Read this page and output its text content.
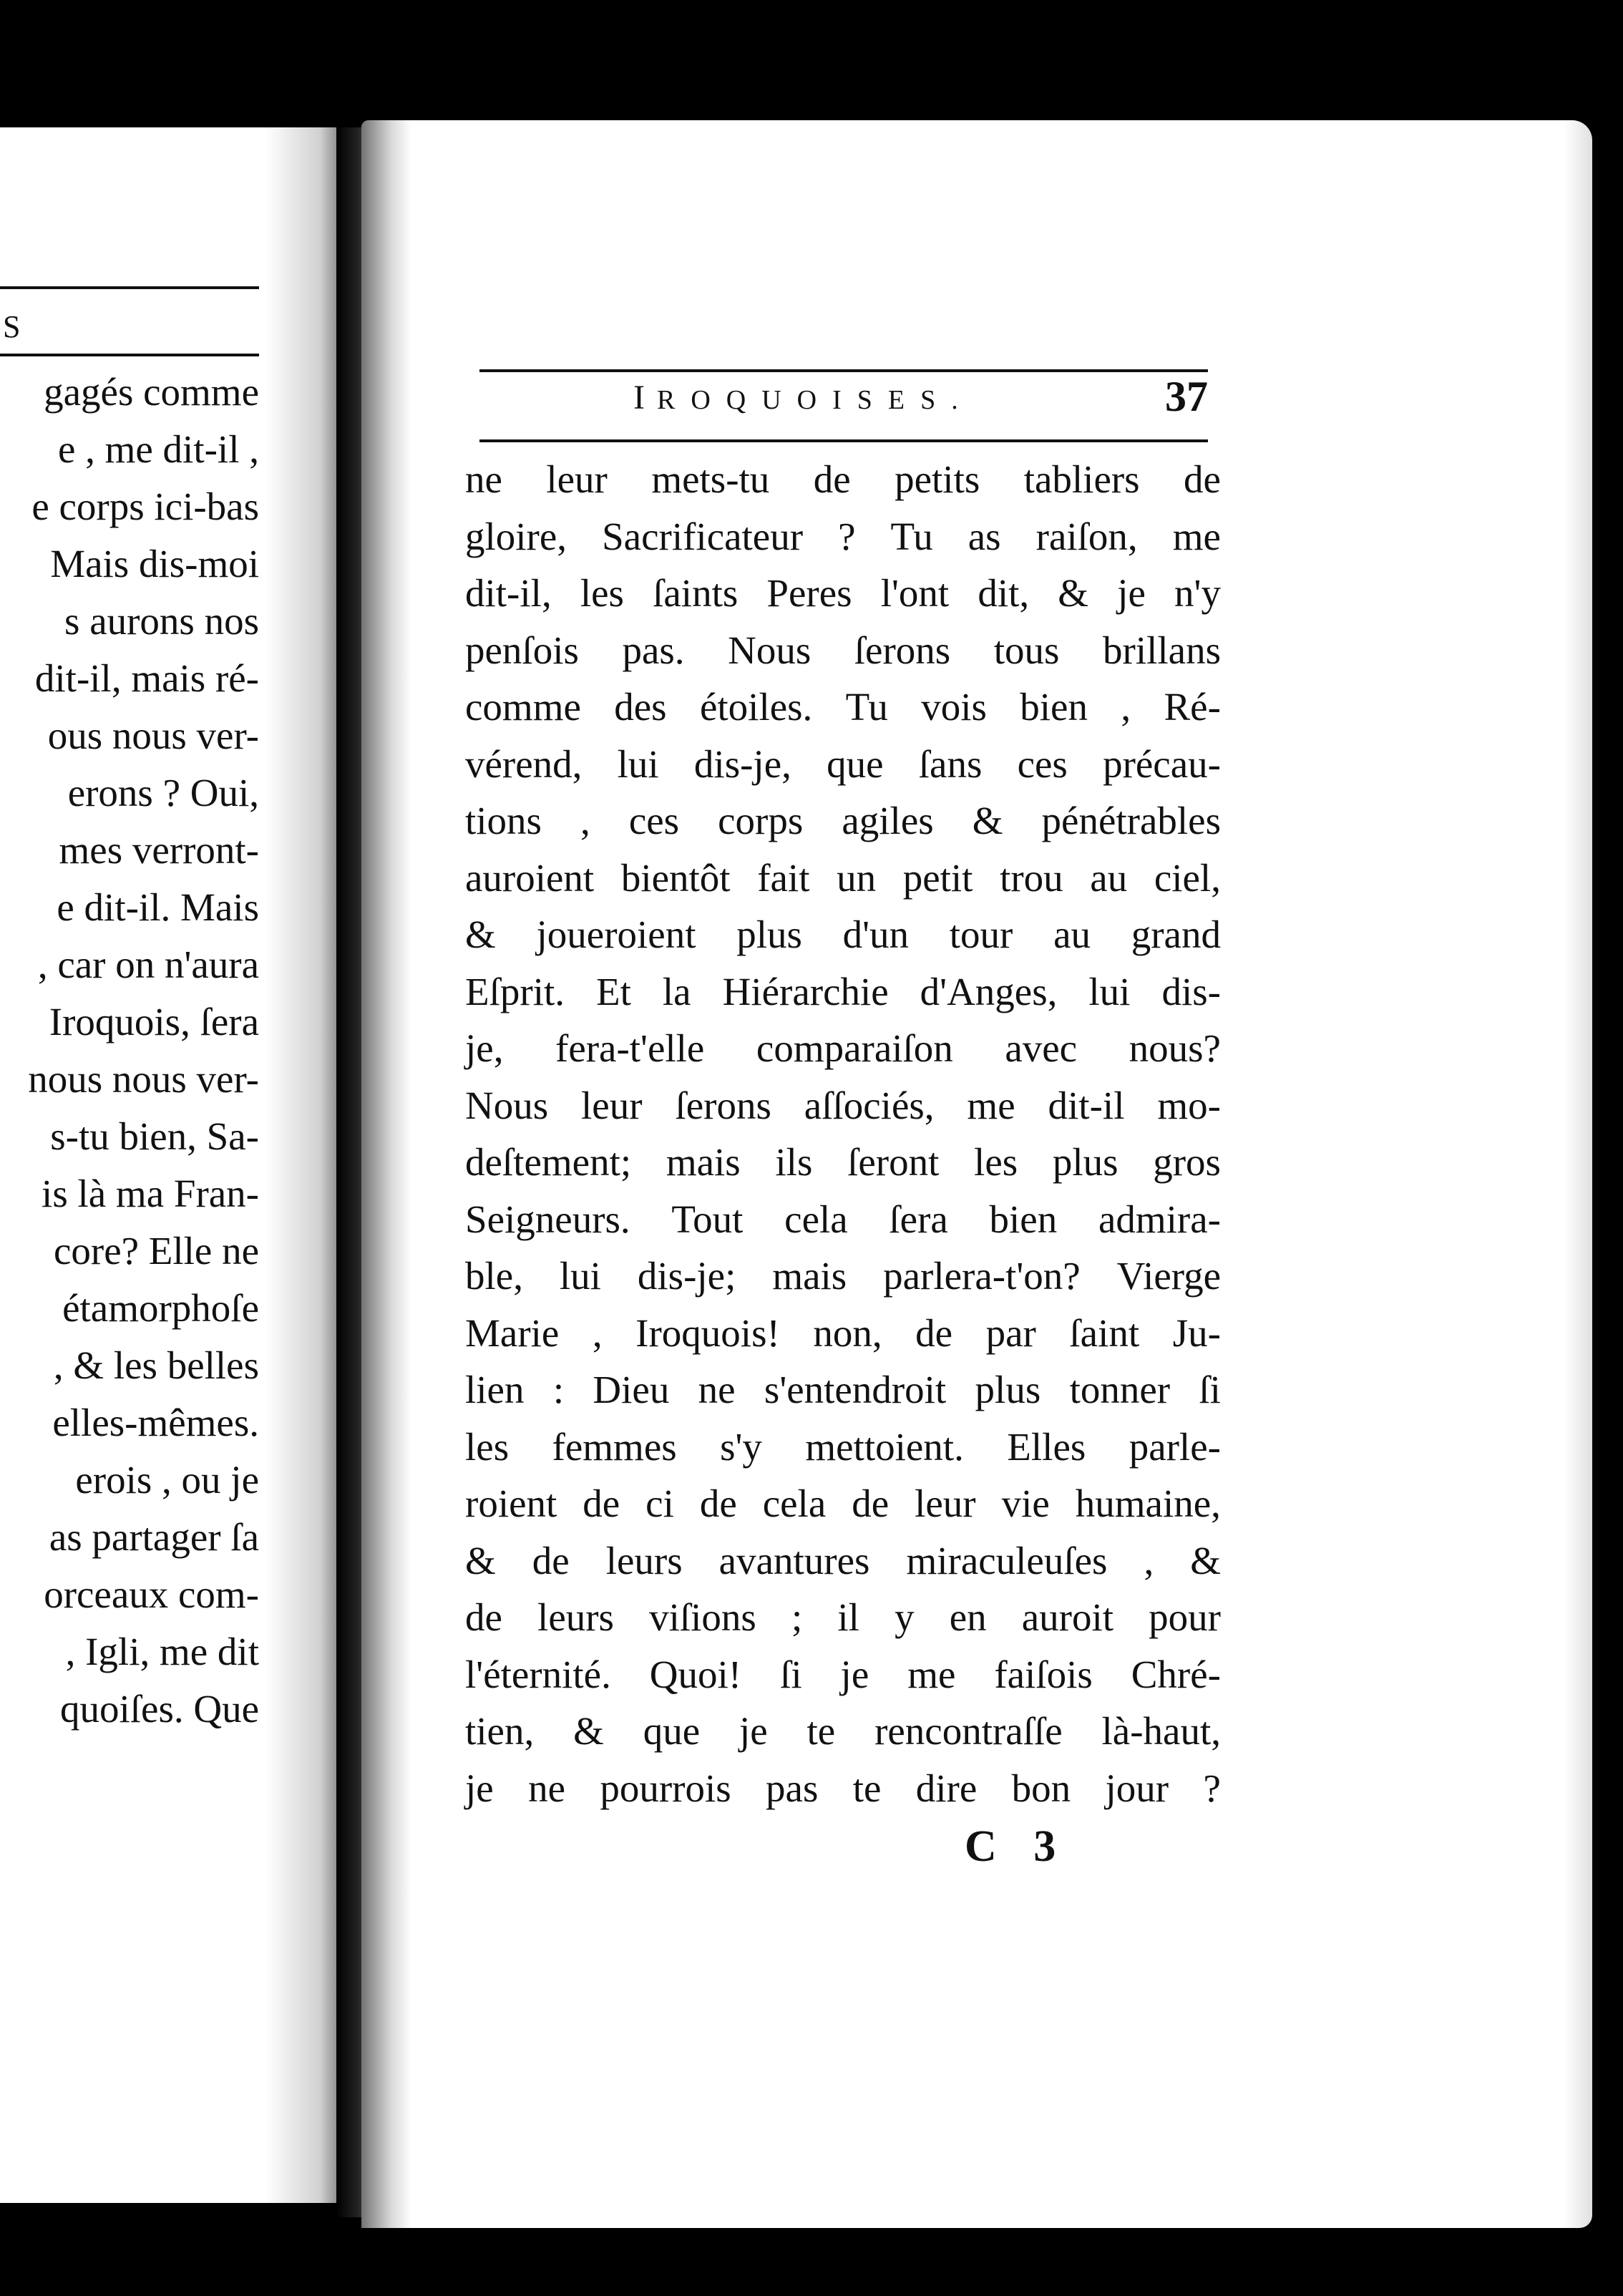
S
gagés comme
e , me dit-il ,
e corps ici-bas
Mais dis-moi
s aurons nos
dit-il, mais ré-
ous nous ver-
erons ? Oui,
mes verront-
e dit-il. Mais
, car on n'aura
Iroquois, ſera
nous nous ver-
s-tu bien, Sa-
is là ma Fran-
core? Elle ne
étamorphoſe
, & les belles
elles-mêmes.
erois , ou je
as partager ſa
orceaux com-
, Igli, me dit
quoiſes. Que
IROQUOISES.	37
ne leur mets-tu de petits tabliers de
gloire, Sacrificateur ? Tu as raiſon, me
dit-il, les ſaints Peres l'ont dit, & je n'y
penſois pas. Nous ſerons tous brillans
comme des étoiles. Tu vois bien , Ré-
vérend, lui dis-je, que ſans ces précau-
tions , ces corps agiles & pénétrables
auroient bientôt fait un petit trou au ciel,
& joueroient plus d'un tour au grand
Eſprit. Et la Hiérarchie d'Anges, lui dis-
je, fera-t'elle comparaiſon avec nous?
Nous leur ſerons aſſociés, me dit-il mo-
deſtement; mais ils ſeront les plus gros
Seigneurs. Tout cela ſera bien admira-
ble, lui dis-je; mais parlera-t'on? Vierge
Marie , Iroquois! non, de par ſaint Ju-
lien : Dieu ne s'entendroit plus tonner ſi
les femmes s'y mettoient. Elles parle-
roient de ci de cela de leur vie humaine,
& de leurs avantures miraculeuſes , &
de leurs viſions ; il y en auroit pour
l'éternité. Quoi! ſi je me faiſois Chré-
tien, & que je te rencontraſſe là-haut,
je ne pourrois pas te dire bon jour ?
C 3
